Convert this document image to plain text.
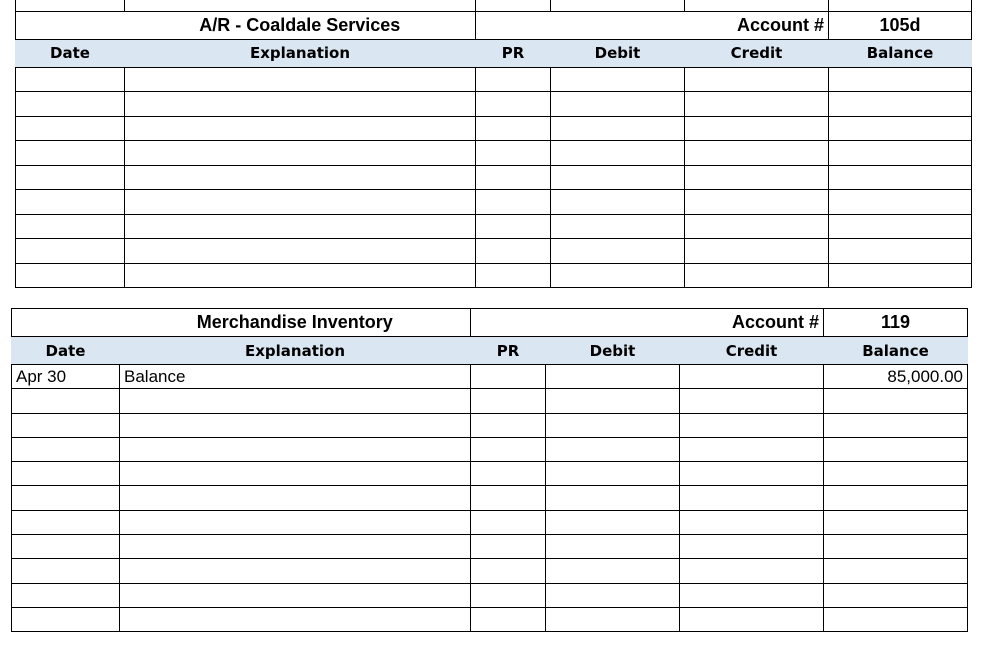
	A/R - Coaldale Services	Account #			105d
Date	Explanation	PR	Debit	Credit	Balance

	Merchandise Inventory	Account #			119
Date	Explanation	PR	Debit	Credit	Balance
Apr 30	Balance				85,000.00
